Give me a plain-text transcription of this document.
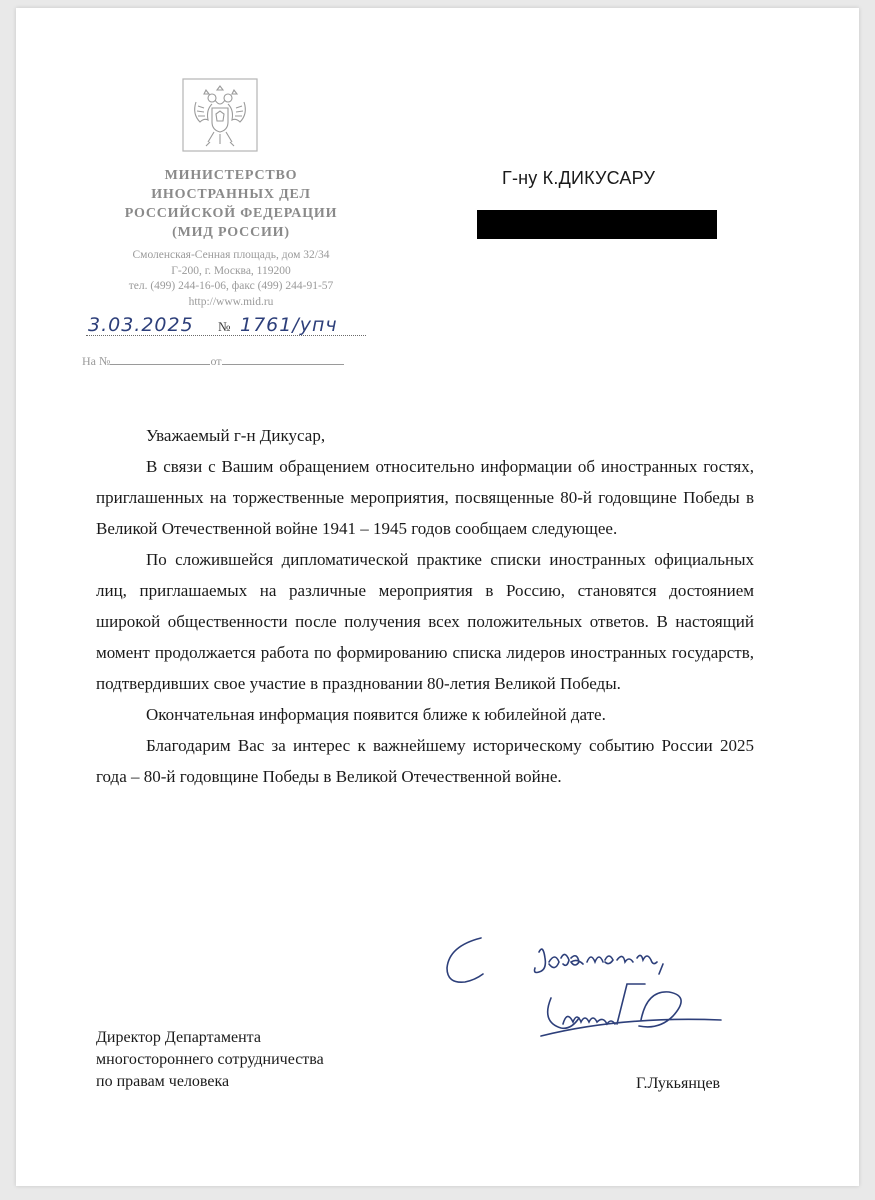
МИНИСТЕРСТВО
ИНОСТРАННЫХ ДЕЛ
РОССИЙСКОЙ ФЕДЕРАЦИИ
(МИД РОССИИ)
Смоленская-Сенная площадь, дом 32/34
Г-200, г. Москва, 119200
тел. (499) 244-16-06, факс (499) 244-91-57
http://www.mid.ru
3.03.2025 № 1761/упч
На №	от
Г-ну К.ДИКУСАРУ

Уважаемый г-н Дикусар,

В связи с Вашим обращением относительно информации об иностранных гостях, приглашенных на торжественные мероприятия, посвященные 80-й годовщине Победы в Великой Отечественной войне 1941 – 1945 годов сообщаем следующее.

По сложившейся дипломатической практике списки иностранных официальных лиц, приглашаемых на различные мероприятия в Россию, становятся достоянием широкой общественности после получения всех положительных ответов. В настоящий момент продолжается работа по формированию списка лидеров иностранных государств, подтвердивших свое участие в праздновании 80-летия Великой Победы.

Окончательная информация появится ближе к юбилейной дате.

Благодарим Вас за интерес к важнейшему историческому событию России 2025 года – 80-й годовщине Победы в Великой Отечественной войне.

Директор Департамента
многостороннего сотрудничества
по правам человека	Г.Лукьянцев
